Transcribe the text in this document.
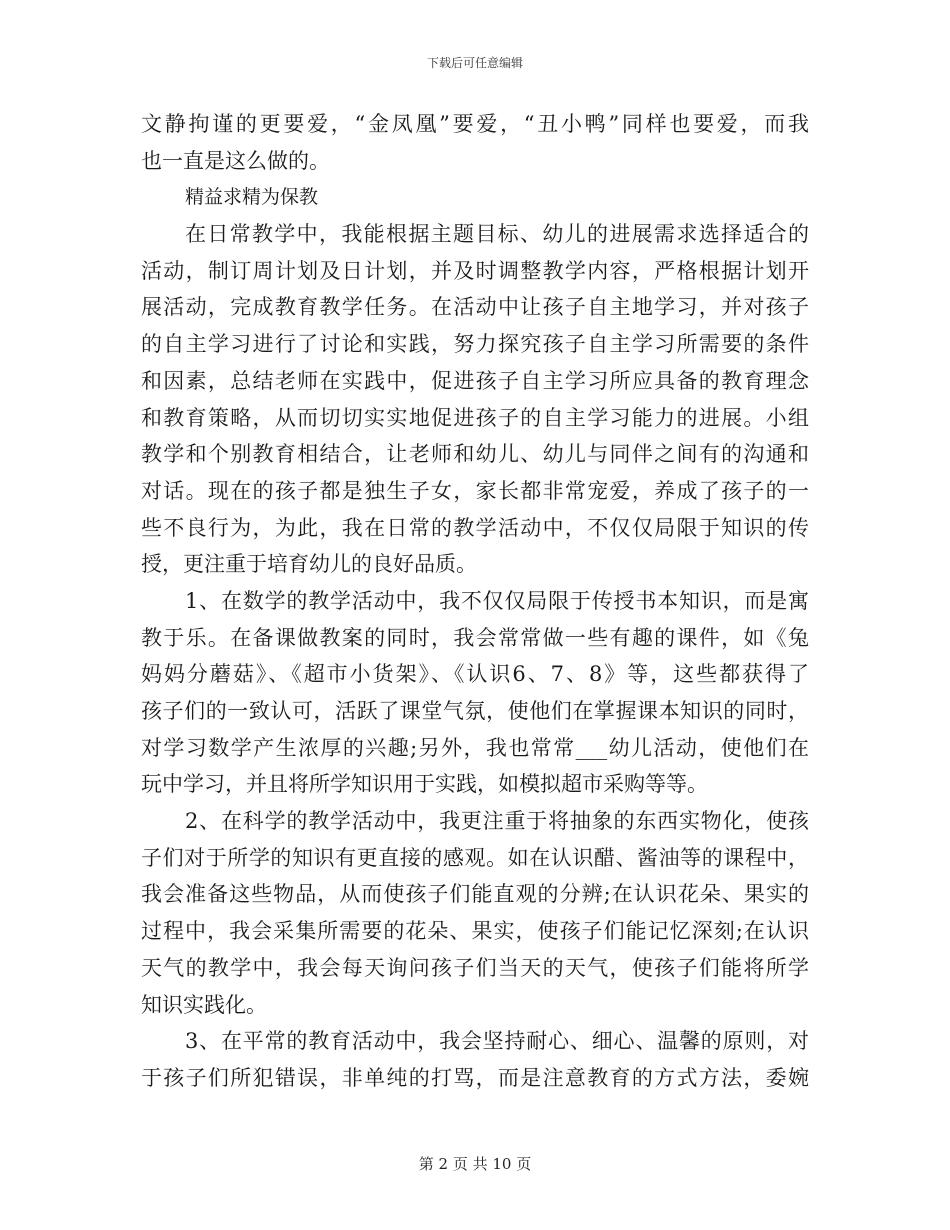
下载后可任意编辑
文静拘谨的更要爱，“金凤凰”要爱，“丑小鸭”同样也要爱，而我
也一直是这么做的。
精益求精为保教
在日常教学中，我能根据主题目标、幼儿的进展需求选择适合的
活动，制订周计划及日计划，并及时调整教学内容，严格根据计划开
展活动，完成教育教学任务。在活动中让孩子自主地学习，并对孩子
的自主学习进行了讨论和实践，努力探究孩子自主学习所需要的条件
和因素，总结老师在实践中，促进孩子自主学习所应具备的教育理念
和教育策略，从而切切实实地促进孩子的自主学习能力的进展。小组
教学和个别教育相结合，让老师和幼儿、幼儿与同伴之间有的沟通和
对话。现在的孩子都是独生子女，家长都非常宠爱，养成了孩子的一
些不良行为，为此，我在日常的教学活动中，不仅仅局限于知识的传
授，更注重于培育幼儿的良好品质。
1、在数学的教学活动中，我不仅仅局限于传授书本知识，而是寓
教于乐。在备课做教案的同时，我会常常做一些有趣的课件，如《兔
妈妈分蘑菇》、《超市小货架》、《认识6、7、8》等，这些都获得了
孩子们的一致认可，活跃了课堂气氛，使他们在掌握课本知识的同时，
对学习数学产生浓厚的兴趣;另外，我也常常___幼儿活动，使他们在
玩中学习，并且将所学知识用于实践，如模拟超市采购等等。
2、在科学的教学活动中，我更注重于将抽象的东西实物化，使孩
子们对于所学的知识有更直接的感观。如在认识醋、酱油等的课程中，
我会准备这些物品，从而使孩子们能直观的分辨;在认识花朵、果实的
过程中，我会采集所需要的花朵、果实，使孩子们能记忆深刻;在认识
天气的教学中，我会每天询问孩子们当天的天气，使孩子们能将所学
知识实践化。
3、在平常的教育活动中，我会坚持耐心、细心、温馨的原则，对
于孩子们所犯错误，非单纯的打骂，而是注意教育的方式方法，委婉
第 2 页 共 10 页
